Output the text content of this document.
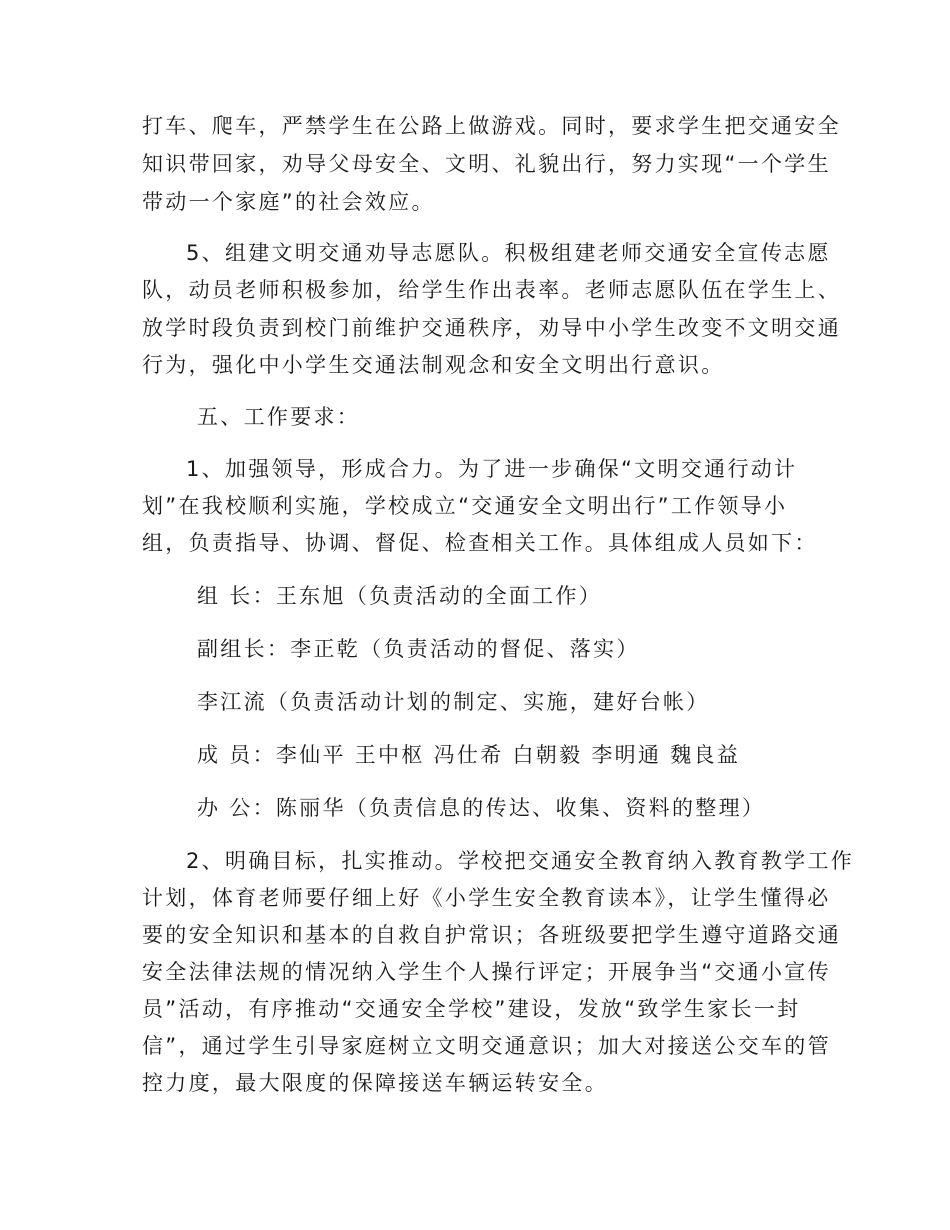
打车、爬车，严禁学生在公路上做游戏。同时，要求学生把交通安全
知识带回家，劝导父母安全、文明、礼貌出行，努力实现“一个学生
带动一个家庭”的社会效应。
5、组建文明交通劝导志愿队。积极组建老师交通安全宣传志愿
队，动员老师积极参加，给学生作出表率。老师志愿队伍在学生上、
放学时段负责到校门前维护交通秩序，劝导中小学生改变不文明交通
行为，强化中小学生交通法制观念和安全文明出行意识。
五、工作要求：
1、加强领导，形成合力。为了进一步确保“文明交通行动计
划”在我校顺利实施，学校成立“交通安全文明出行”工作领导小
组，负责指导、协调、督促、检查相关工作。具体组成人员如下：
组 长：王东旭（负责活动的全面工作）
副组长：李正乾（负责活动的督促、落实）
李江流（负责活动计划的制定、实施，建好台帐）
成 员：李仙平 王中枢 冯仕希 白朝毅 李明通 魏良益
办 公：陈丽华（负责信息的传达、收集、资料的整理）
2、明确目标，扎实推动。学校把交通安全教育纳入教育教学工作
计划，体育老师要仔细上好《小学生安全教育读本》，让学生懂得必
要的安全知识和基本的自救自护常识；各班级要把学生遵守道路交通
安全法律法规的情况纳入学生个人操行评定；开展争当“交通小宣传
员”活动，有序推动“交通安全学校”建设，发放“致学生家长一封
信”，通过学生引导家庭树立文明交通意识；加大对接送公交车的管
控力度，最大限度的保障接送车辆运转安全。
